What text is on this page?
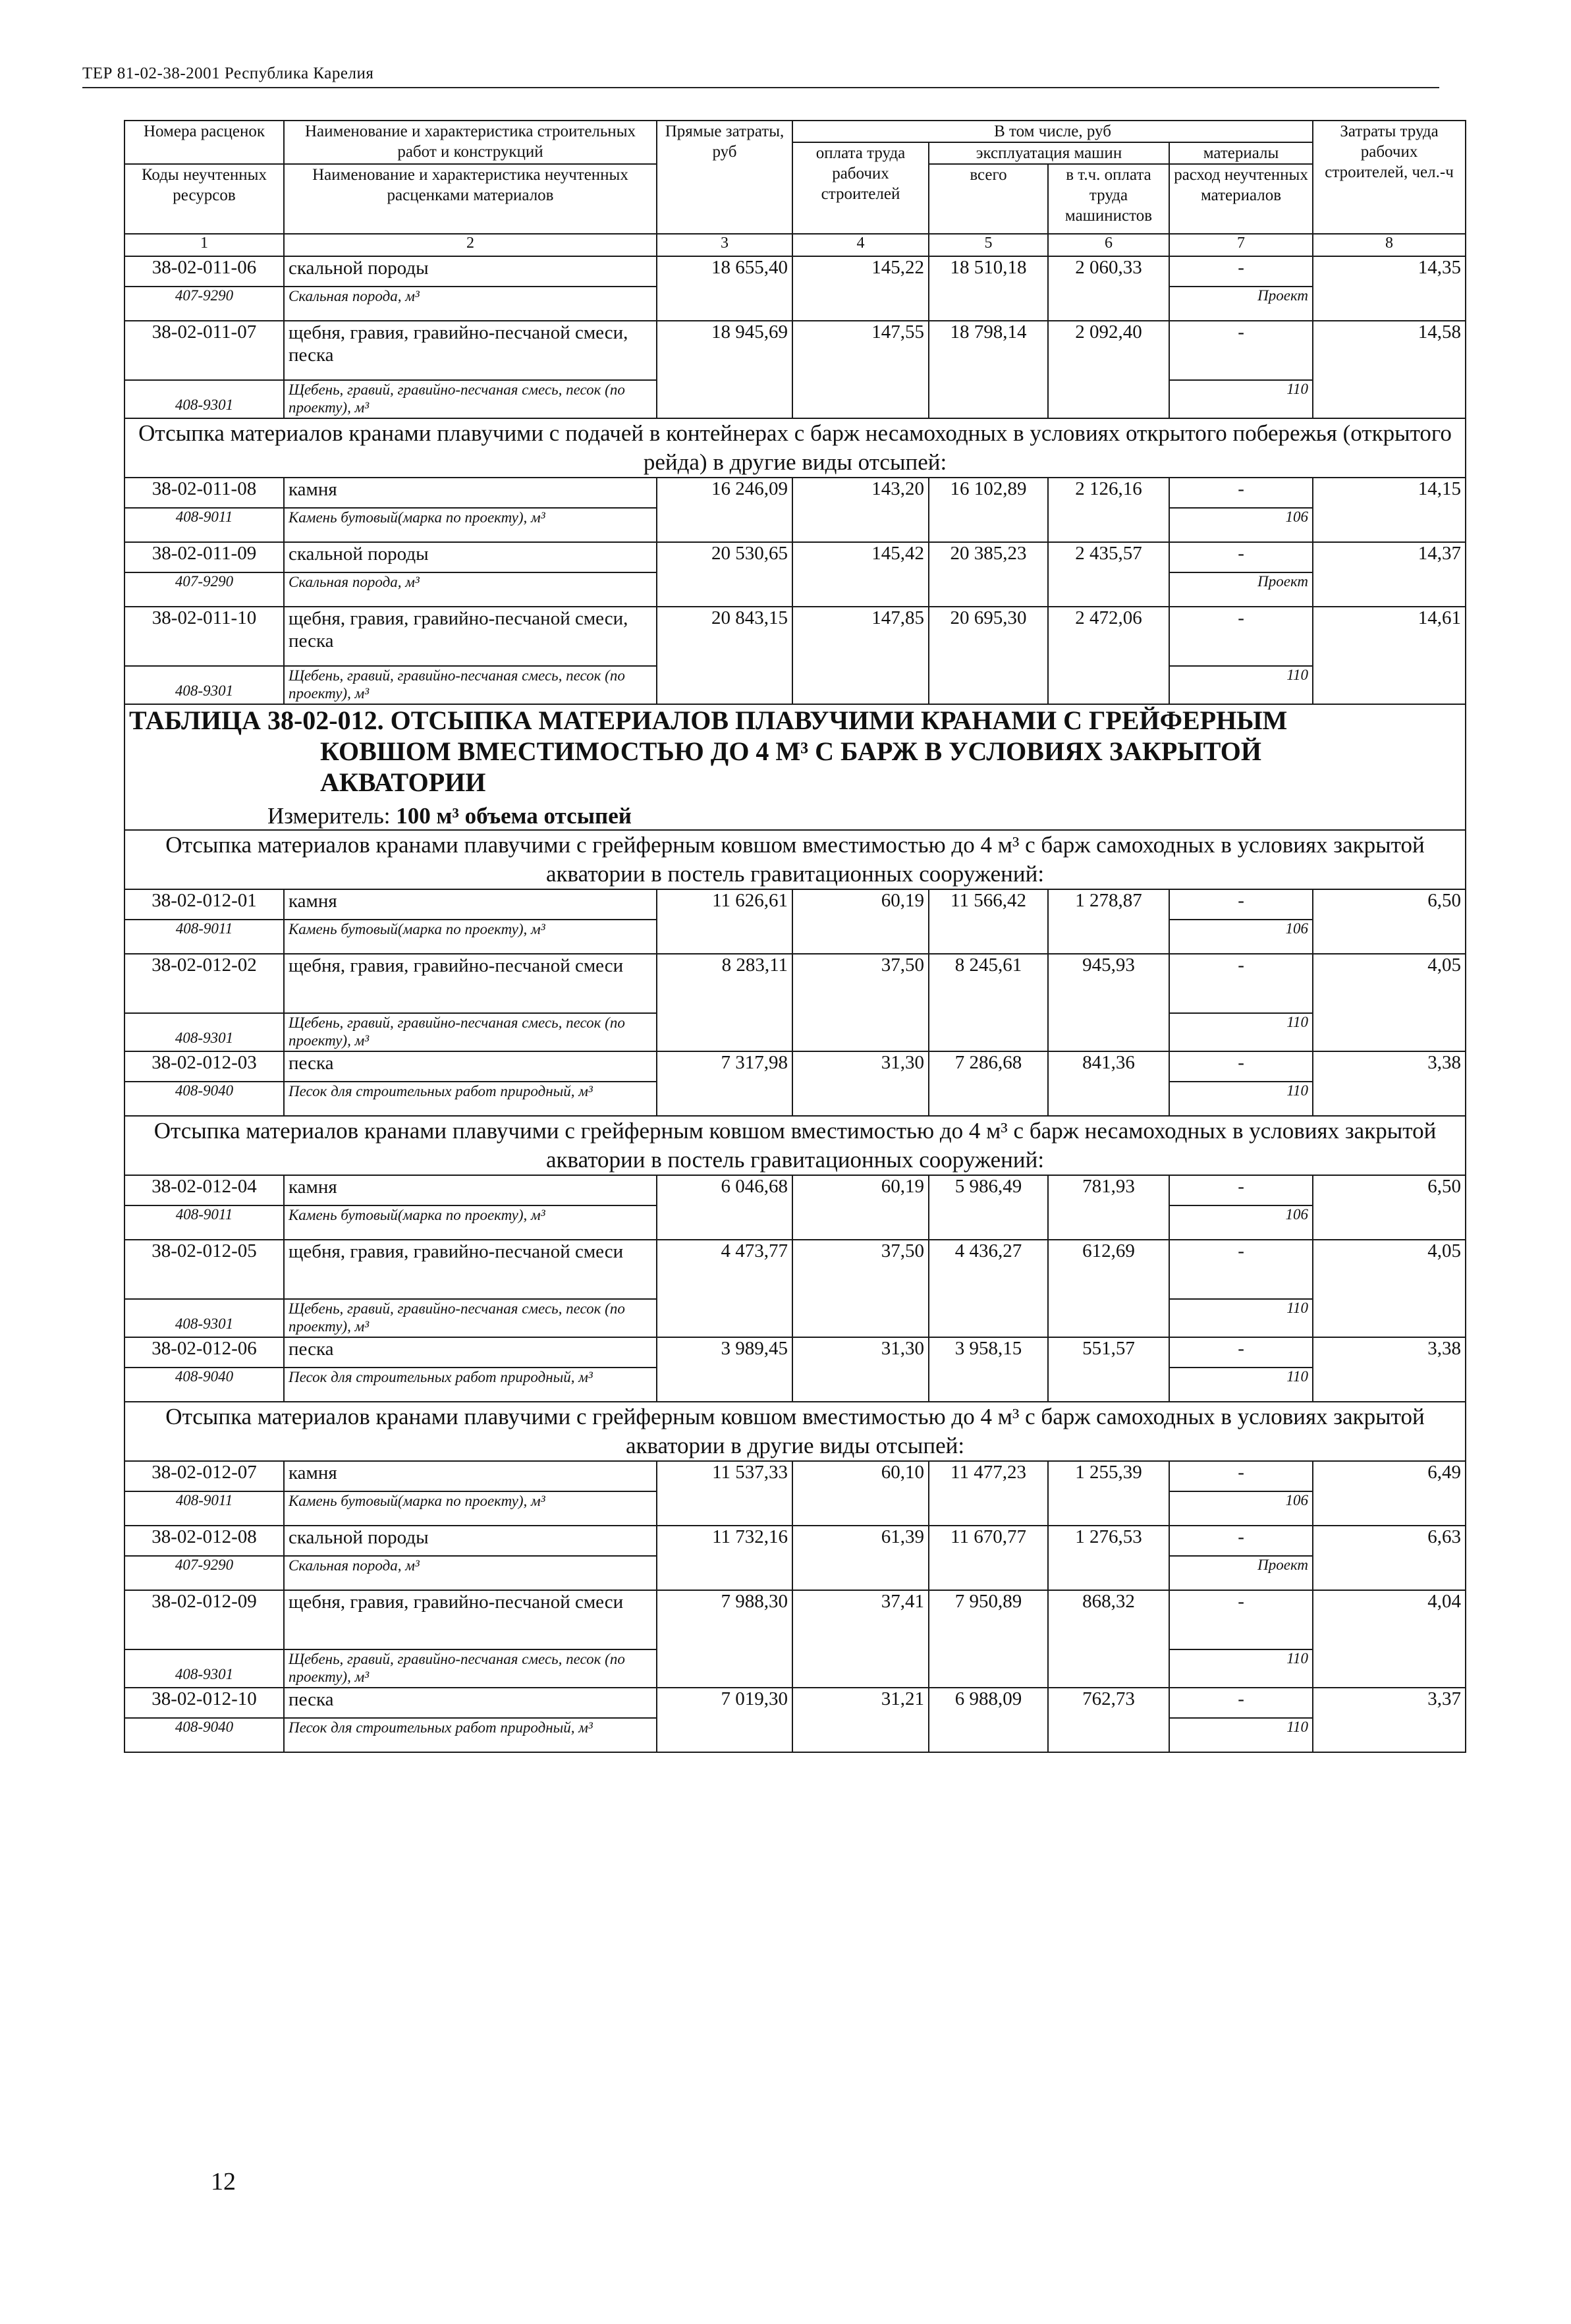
ТЕР 81-02-38-2001 Республика Карелия
Номера расценок	Наименование и характеристика строительных работ и конструкций	Прямые затраты, руб	В том числе, руб				Затраты труда рабочих строителей, чел.-ч
			оплата труда рабочих строителей	эксплуатация машин		материалы	
Коды неучтенных ресурсов	Наименование и характеристика неучтенных расценками материалов			всего	в т.ч. оплата труда машинистов	расход неучтенных материалов	

1	2	3	4	5	6	7	8
38-02-011-06	скальной породы	18 655,40	145,22	18 510,18	2 060,33	-	14,35
407-9290	Скальная порода, м³					Проект	
38-02-011-07	щебня, гравия, гравийно-песчаной смеси, песка	18 945,69	147,55	18 798,14	2 092,40	-	14,58
408-9301	Щебень, гравий, гравийно-песчаная смесь, песок (по проекту), м³					110	
Отсыпка материалов кранами плавучими с подачей в контейнерах с барж несамоходных в условиях открытого побережья (открытого рейда) в другие виды отсыпей:							
38-02-011-08	камня	16 246,09	143,20	16 102,89	2 126,16	-	14,15
408-9011	Камень бутовый(марка по проекту), м³					106	
38-02-011-09	скальной породы	20 530,65	145,42	20 385,23	2 435,57	-	14,37
407-9290	Скальная порода, м³					Проект	
38-02-011-10	щебня, гравия, гравийно-песчаной смеси, песка	20 843,15	147,85	20 695,30	2 472,06	-	14,61
408-9301	Щебень, гравий, гравийно-песчаная смесь, песок (по проекту), м³					110	

ТАБЛИЦА 38-02-012. ОТСЫПКА МАТЕРИАЛОВ ПЛАВУЧИМИ КРАНАМИ С ГРЕЙФЕРНЫМ
КОВШОМ ВМЕСТИМОСТЬЮ ДО 4 М³ С БАРЖ В УСЛОВИЯХ ЗАКРЫТОЙ
АКВАТОРИИ
Измеритель: 100 м³ объема отсыпей							

Отсыпка материалов кранами плавучими с грейферным ковшом вместимостью до 4 м³ с барж самоходных в условиях закрытой акватории в постель гравитационных сооружений:							
38-02-012-01	камня	11 626,61	60,19	11 566,42	1 278,87	-	6,50
408-9011	Камень бутовый(марка по проекту), м³					106	
38-02-012-02	щебня, гравия, гравийно-песчаной смеси	8 283,11	37,50	8 245,61	945,93	-	4,05
408-9301	Щебень, гравий, гравийно-песчаная смесь, песок (по проекту), м³					110	
38-02-012-03	песка	7 317,98	31,30	7 286,68	841,36	-	3,38
408-9040	Песок для строительных работ природный, м³					110	
Отсыпка материалов кранами плавучими с грейферным ковшом вместимостью до 4 м³ с барж несамоходных в условиях закрытой акватории в постель гравитационных сооружений:							
38-02-012-04	камня	6 046,68	60,19	5 986,49	781,93	-	6,50
408-9011	Камень бутовый(марка по проекту), м³					106	
38-02-012-05	щебня, гравия, гравийно-песчаной смеси	4 473,77	37,50	4 436,27	612,69	-	4,05
408-9301	Щебень, гравий, гравийно-песчаная смесь, песок (по проекту), м³					110	
38-02-012-06	песка	3 989,45	31,30	3 958,15	551,57	-	3,38
408-9040	Песок для строительных работ природный, м³					110	
Отсыпка материалов кранами плавучими с грейферным ковшом вместимостью до 4 м³ с барж самоходных в условиях закрытой акватории в другие виды отсыпей:							
38-02-012-07	камня	11 537,33	60,10	11 477,23	1 255,39	-	6,49
408-9011	Камень бутовый(марка по проекту), м³					106	
38-02-012-08	скальной породы	11 732,16	61,39	11 670,77	1 276,53	-	6,63
407-9290	Скальная порода, м³					Проект	
38-02-012-09	щебня, гравия, гравийно-песчаной смеси	7 988,30	37,41	7 950,89	868,32	-	4,04
408-9301	Щебень, гравий, гравийно-песчаная смесь, песок (по проекту), м³					110	
38-02-012-10	песка	7 019,30	31,21	6 988,09	762,73	-	3,37
408-9040	Песок для строительных работ природный, м³					110	
12
